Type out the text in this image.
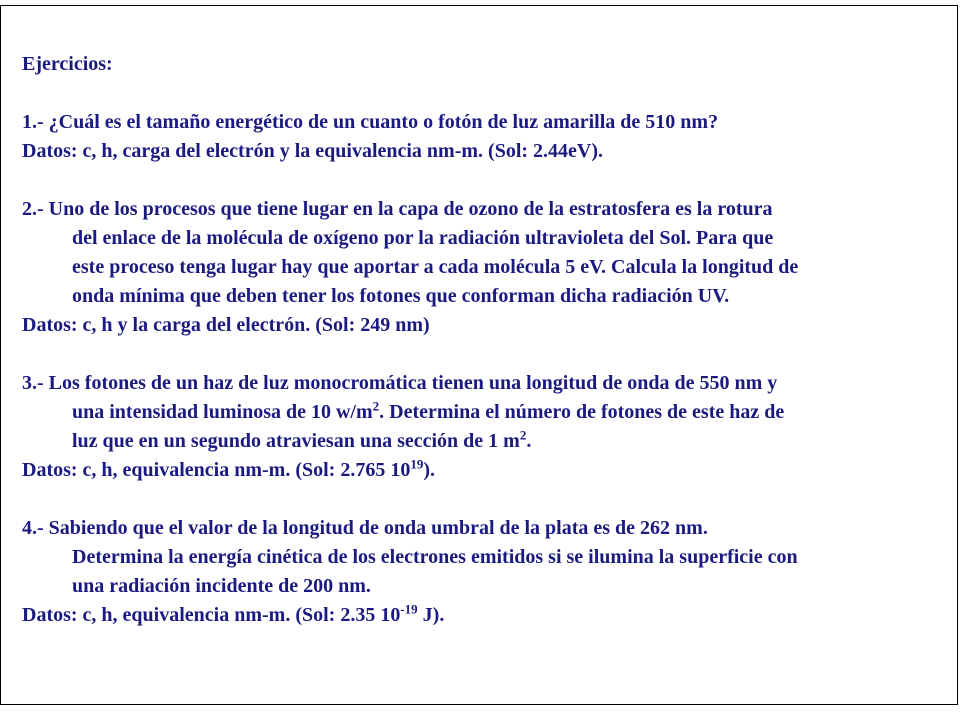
Ejercicios:

1.- ¿Cuál es el tamaño energético de un cuanto o fotón de luz amarilla de 510 nm?

Datos: c, h, carga del electrón y la equivalencia nm-m. (Sol: 2.44eV).

2.- Uno de los procesos que tiene lugar en la capa de ozono de la estratosfera es la rotura

del enlace de la molécula de oxígeno por la radiación ultravioleta del Sol. Para que

este proceso tenga lugar hay que aportar a cada molécula 5 eV. Calcula la longitud de

onda mínima que deben tener los fotones que conforman dicha radiación UV.

Datos: c, h y la carga del electrón. (Sol: 249 nm)

3.- Los fotones de un haz de luz monocromática tienen una longitud de onda de 550 nm y

una intensidad luminosa de 10 $w/m^2$. Determina el número de fotones de este haz de

luz que en un segundo atraviesan una sección de 1 $m^2$.

Datos: c, h, equivalencia nm-m. (Sol: 2.765 $10^{19}$).

4.- Sabiendo que el valor de la longitud de onda umbral de la plata es de 262 nm.

Determina la energía cinética de los electrones emitidos si se ilumina la superficie con

una radiación incidente de 200 nm.

Datos: c, h, equivalencia nm-m. (Sol: 2.35 $10^{-19}$ J).
